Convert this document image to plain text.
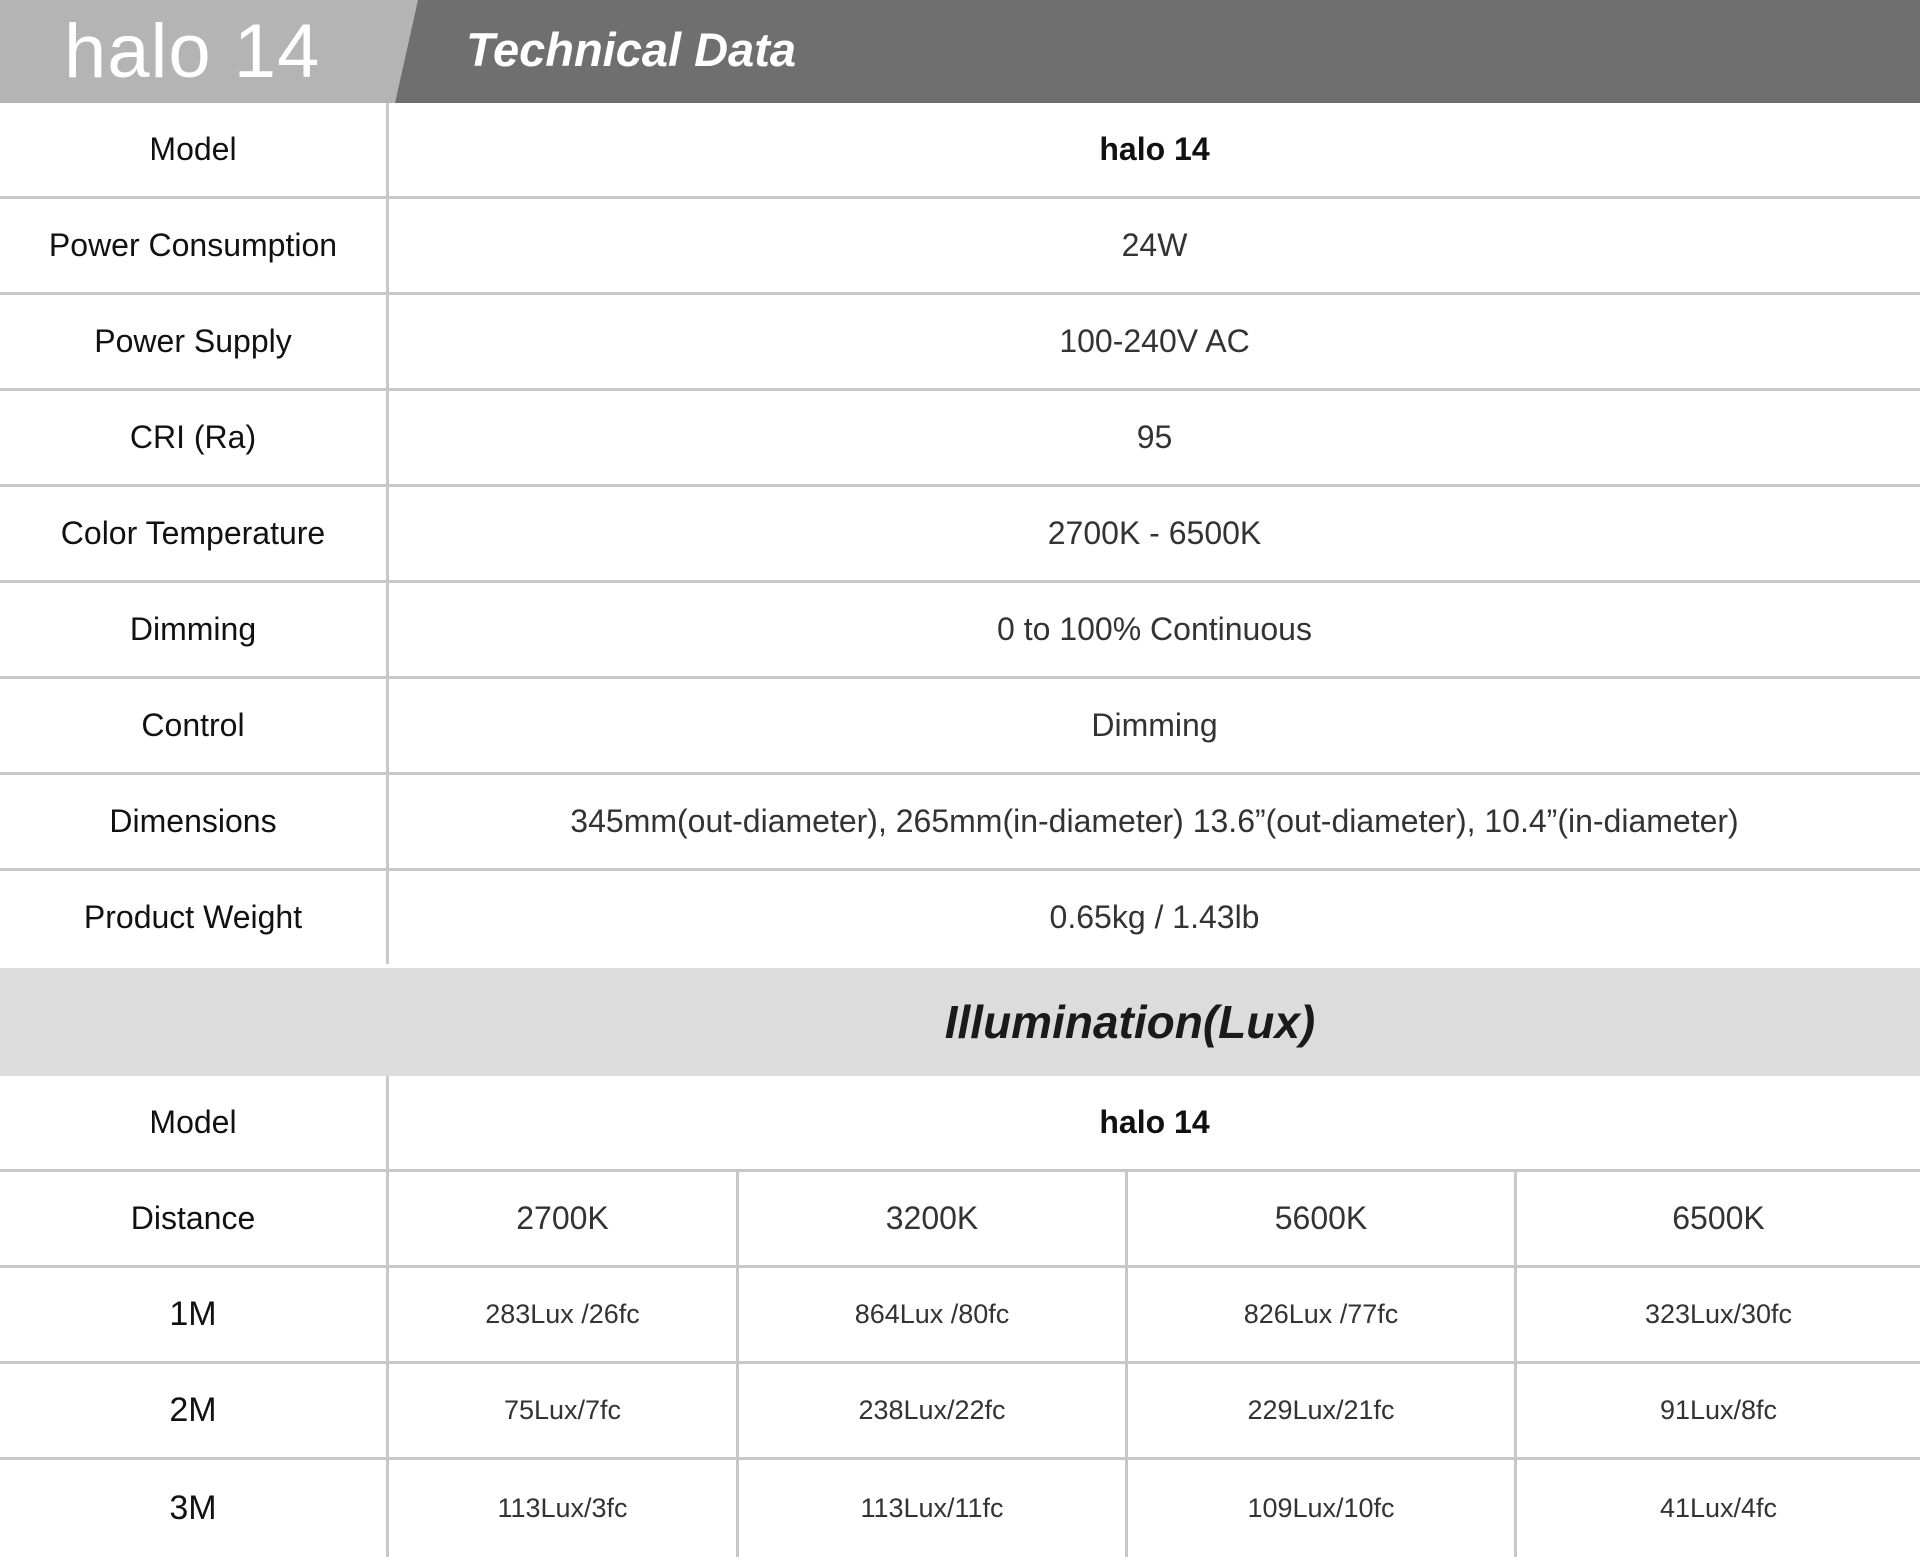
halo 14	Technical Data
Model	halo 14
Power Consumption	24W
Power Supply	100-240V AC
CRI (Ra)	95
Color Temperature	2700K - 6500K
Dimming	0 to 100% Continuous
Control	Dimming
Dimensions	345mm(out-diameter), 265mm(in-diameter) 13.6”(out-diameter), 10.4”(in-diameter)
Product Weight	0.65kg / 1.43lb
Illumination(Lux)
Model	halo 14
Distance	2700K	3200K	5600K	6500K
1M	283Lux /26fc	864Lux /80fc	826Lux /77fc	323Lux/30fc
2M	75Lux/7fc	238Lux/22fc	229Lux/21fc	91Lux/8fc
3M	113Lux/3fc	113Lux/11fc	109Lux/10fc	41Lux/4fc
